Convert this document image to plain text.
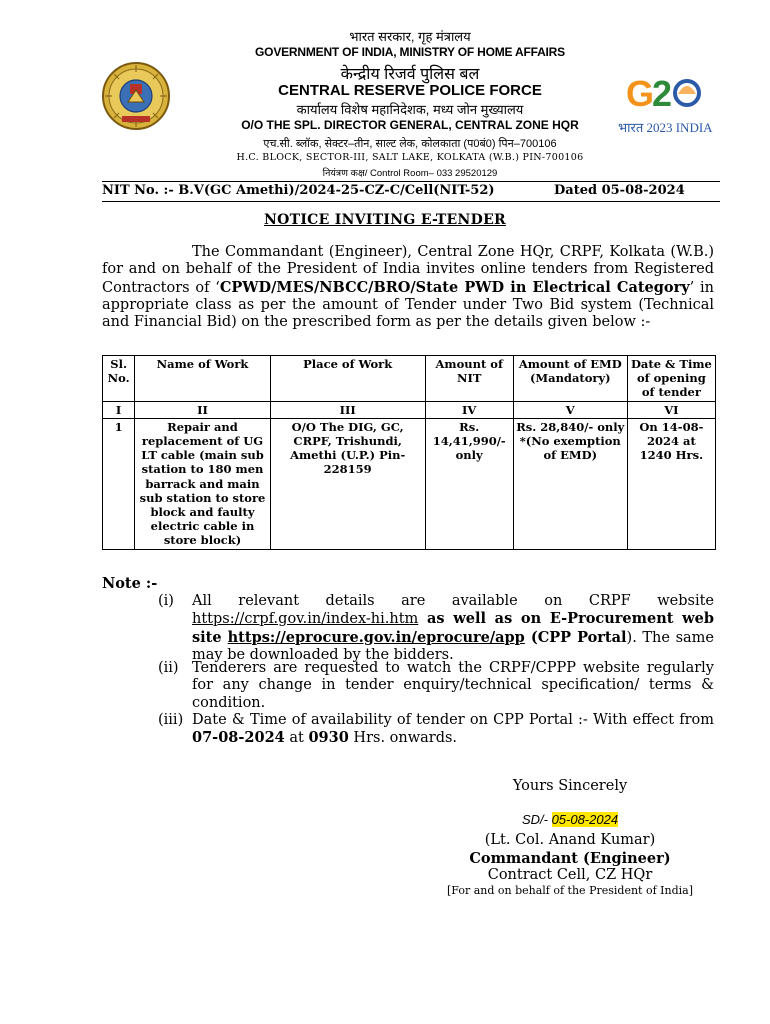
भारत सरकार, गृह मंत्रालय
GOVERNMENT OF INDIA, MINISTRY OF HOME AFFAIRS
केन्द्रीय रिजर्व पुलिस बल
CENTRAL RESERVE POLICE FORCE
कार्यालय विशेष महानिदेशक, मध्य जोन मुख्यालय
O/O THE SPL. DIRECTOR GENERAL, CENTRAL ZONE HQR
एच.सी. ब्लॉक, सेक्टर–तीन, साल्ट लेक, कोलकाता (प0बं0) पिन–700106
H.C. BLOCK, SECTOR-III, SALT LAKE, KOLKATA (W.B.) PIN-700106
नियंत्रण कक्ष/ Control Room– 033 29520129
G
2
भारत 2023 INDIA
NIT No. :- B.V(GC Amethi)/2024-25-CZ-C/Cell(NIT-52)	Dated 05-08-2024
NOTICE INVITING E-TENDER
The Commandant (Engineer), Central Zone HQr, CRPF, Kolkata (W.B.) for and on behalf of the President of India invites online tenders from Registered Contractors of ‘CPWD/MES/NBCC/BRO/State PWD in Electrical Category’ in appropriate class as per the amount of Tender under Two Bid system (Technical and Financial Bid) on the prescribed form as per the details given below :-
Sl. No.	Name of Work	Place of Work	Amount of NIT	Amount of EMD (Mandatory)	Date & Time of opening of tender
I	II	III	IV	V	VI
1	Repair and replacement of UG LT cable (main sub station to 180 men barrack and main sub station to store block and faulty electric cable in store block)	O/O The DIG, GC, CRPF, Trishundi, Amethi (U.P.) Pin-228159	Rs. 14,41,990/- only	Rs. 28,840/- only *(No exemption of EMD)	On 14-08-2024 at 1240 Hrs.
Note :-
(i) All relevant details are available on CRPF website https://crpf.gov.in/index-hi.htm as well as on E-Procurement web site https://eprocure.gov.in/eprocure/app (CPP Portal). The same may be downloaded by the bidders.
(ii) Tenderers are requested to watch the CRPF/CPPP website regularly for any change in tender enquiry/technical specification/ terms & condition.
(iii) Date & Time of availability of tender on CPP Portal :- With effect from 07-08-2024 at 0930 Hrs. onwards.
Yours Sincerely
SD/- 05-08-2024
(Lt. Col. Anand Kumar)
Commandant (Engineer)
Contract Cell, CZ HQr
[For and on behalf of the President of India]
